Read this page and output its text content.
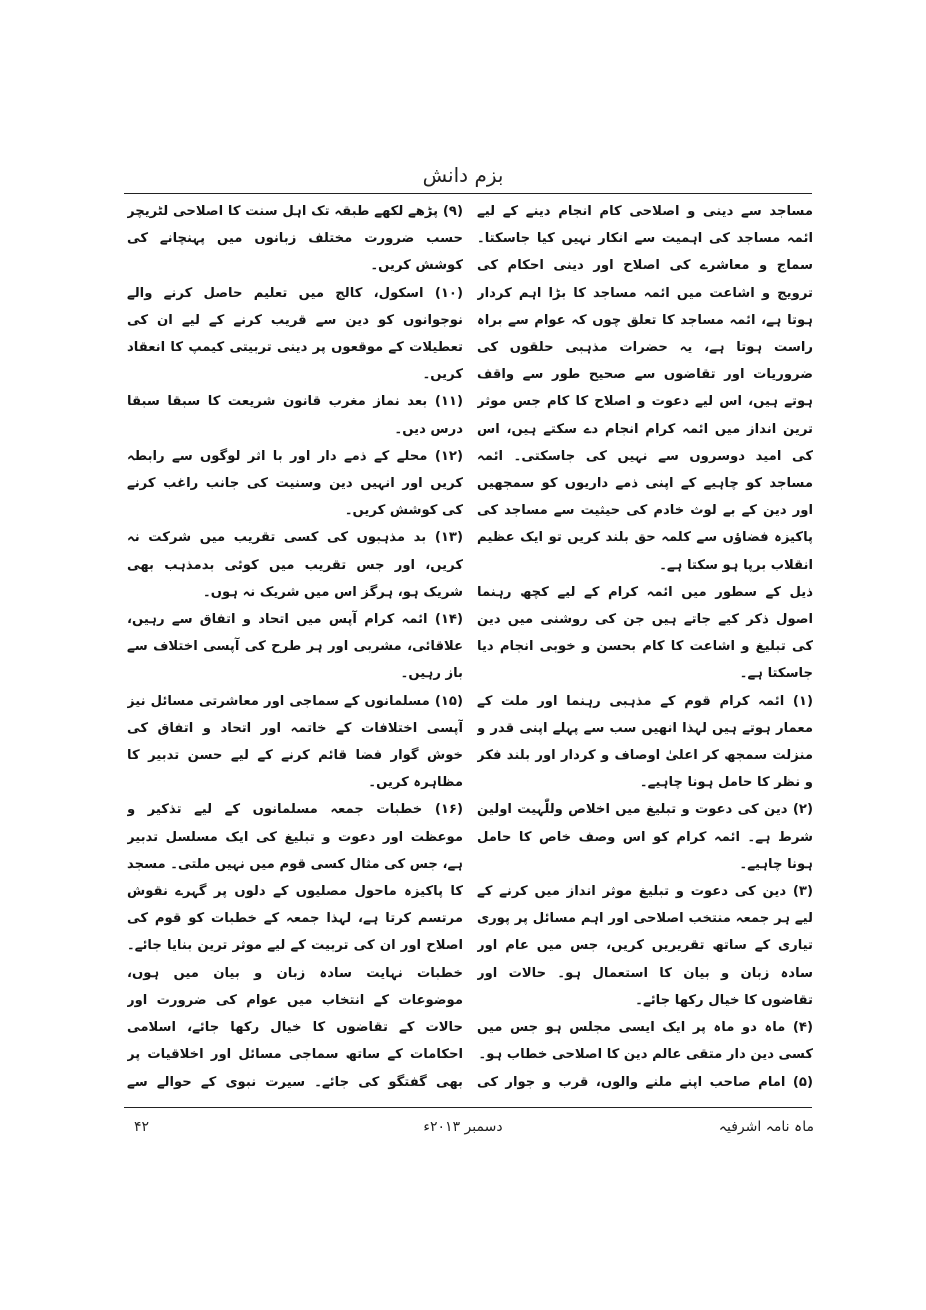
بزم دانش

مساجد سے دینی و اصلاحی کام انجام دینے کے لیے ائمہ مساجد کی اہمیت سے انکار نہیں کیا جاسکتا۔ سماج و معاشرے کی اصلاح اور دینی احکام کی ترویج و اشاعت میں ائمہ مساجد کا بڑا اہم کردار ہوتا ہے، ائمہ مساجد کا تعلق چوں کہ عوام سے براہ راست ہوتا ہے، یہ حضرات مذہبی حلقوں کی ضروریات اور تقاضوں سے صحیح طور سے واقف ہوتے ہیں، اس لیے دعوت و اصلاح کا کام جس موثر ترین انداز میں ائمہ کرام انجام دے سکتے ہیں، اس کی امید دوسروں سے نہیں کی جاسکتی۔ ائمہ مساجد کو چاہیے کے اپنی ذمے داریوں کو سمجھیں اور دین کے بے لوث خادم کی حیثیت سے مساجد کی پاکیزہ فضاؤں سے کلمہ حق بلند کریں تو ایک عظیم انقلاب برپا ہو سکتا ہے۔

ذیل کے سطور میں ائمہ کرام کے لیے کچھ رہنما اصول ذکر کیے جاتے ہیں جن کی روشنی میں دین کی تبلیغ و اشاعت کا کام بحسن و خوبی انجام دیا جاسکتا ہے۔

(۱) ائمہ کرام قوم کے مذہبی رہنما اور ملت کے معمار ہوتے ہیں لہذا انھیں سب سے پہلے اپنی قدر و منزلت سمجھ کر اعلیٰ اوصاف و کردار اور بلند فکر و نظر کا حامل ہونا چاہیے۔

(۲) دین کی دعوت و تبلیغ میں اخلاص وللّٰہیت اولین شرط ہے۔ ائمہ کرام کو اس وصف خاص کا حامل ہونا چاہیے۔

(۳) دین کی دعوت و تبلیغ موثر انداز میں کرنے کے لیے ہر جمعہ منتخب اصلاحی اور اہم مسائل پر پوری تیاری کے ساتھ تقریریں کریں، جس میں عام اور سادہ زبان و بیان کا استعمال ہو۔ حالات اور تقاضوں کا خیال رکھا جائے۔

(۴) ماہ دو ماہ پر ایک ایسی مجلس ہو جس میں کسی دین دار متقی عالم دین کا اصلاحی خطاب ہو۔

(۵) امام صاحب اپنے ملنے والوں، قرب و جوار کی

(۹) پڑھے لکھے طبقہ تک اہل سنت کا اصلاحی لٹریچر حسب ضرورت مختلف زبانوں میں پہنچانے کی کوشش کریں۔

(۱۰) اسکول، کالج میں تعلیم حاصل کرنے والے نوجوانوں کو دین سے قریب کرنے کے لیے ان کی تعطیلات کے موقعوں پر دینی تربیتی کیمپ کا انعقاد کریں۔

(۱۱) بعد نماز مغرب قانون شریعت کا سبقا سبقا درس دیں۔

(۱۲) محلے کے ذمے دار اور با اثر لوگوں سے رابطہ کریں اور انہیں دین وسنیت کی جانب راغب کرنے کی کوشش کریں۔

(۱۳) بد مذہبوں کی کسی تقریب میں شرکت نہ کریں، اور جس تقریب میں کوئی بدمذہب بھی شریک ہو، ہرگز اس میں شریک نہ ہوں۔

(۱۴) ائمہ کرام آپس میں اتحاد و اتفاق سے رہیں، علاقائی، مشربی اور ہر طرح کی آپسی اختلاف سے باز رہیں۔

(۱۵) مسلمانوں کے سماجی اور معاشرتی مسائل نیز آپسی اختلافات کے خاتمہ اور اتحاد و اتفاق کی خوش گوار فضا قائم کرنے کے لیے حسن تدبیر کا مظاہرہ کریں۔

(۱۶) خطبات جمعہ مسلمانوں کے لیے تذکیر و موعظت اور دعوت و تبلیغ کی ایک مسلسل تدبیر ہے، جس کی مثال کسی قوم میں نہیں ملتی۔ مسجد کا پاکیزہ ماحول مصلیوں کے دلوں پر گہرے نقوش مرتسم کرتا ہے، لہذا جمعہ کے خطبات کو قوم کی اصلاح اور ان کی تربیت کے لیے موثر ترین بنایا جائے۔ خطبات نہایت سادہ زبان و بیان میں ہوں، موضوعات کے انتخاب میں عوام کی ضرورت اور حالات کے تقاضوں کا خیال رکھا جائے، اسلامی احکامات کے ساتھ سماجی مسائل اور اخلاقیات پر بھی گفتگو کی جائے۔ سیرت نبوی کے حوالے سے

ماہ نامہ اشرفیہ
دسمبر ۲۰۱۳ء
۴۲
